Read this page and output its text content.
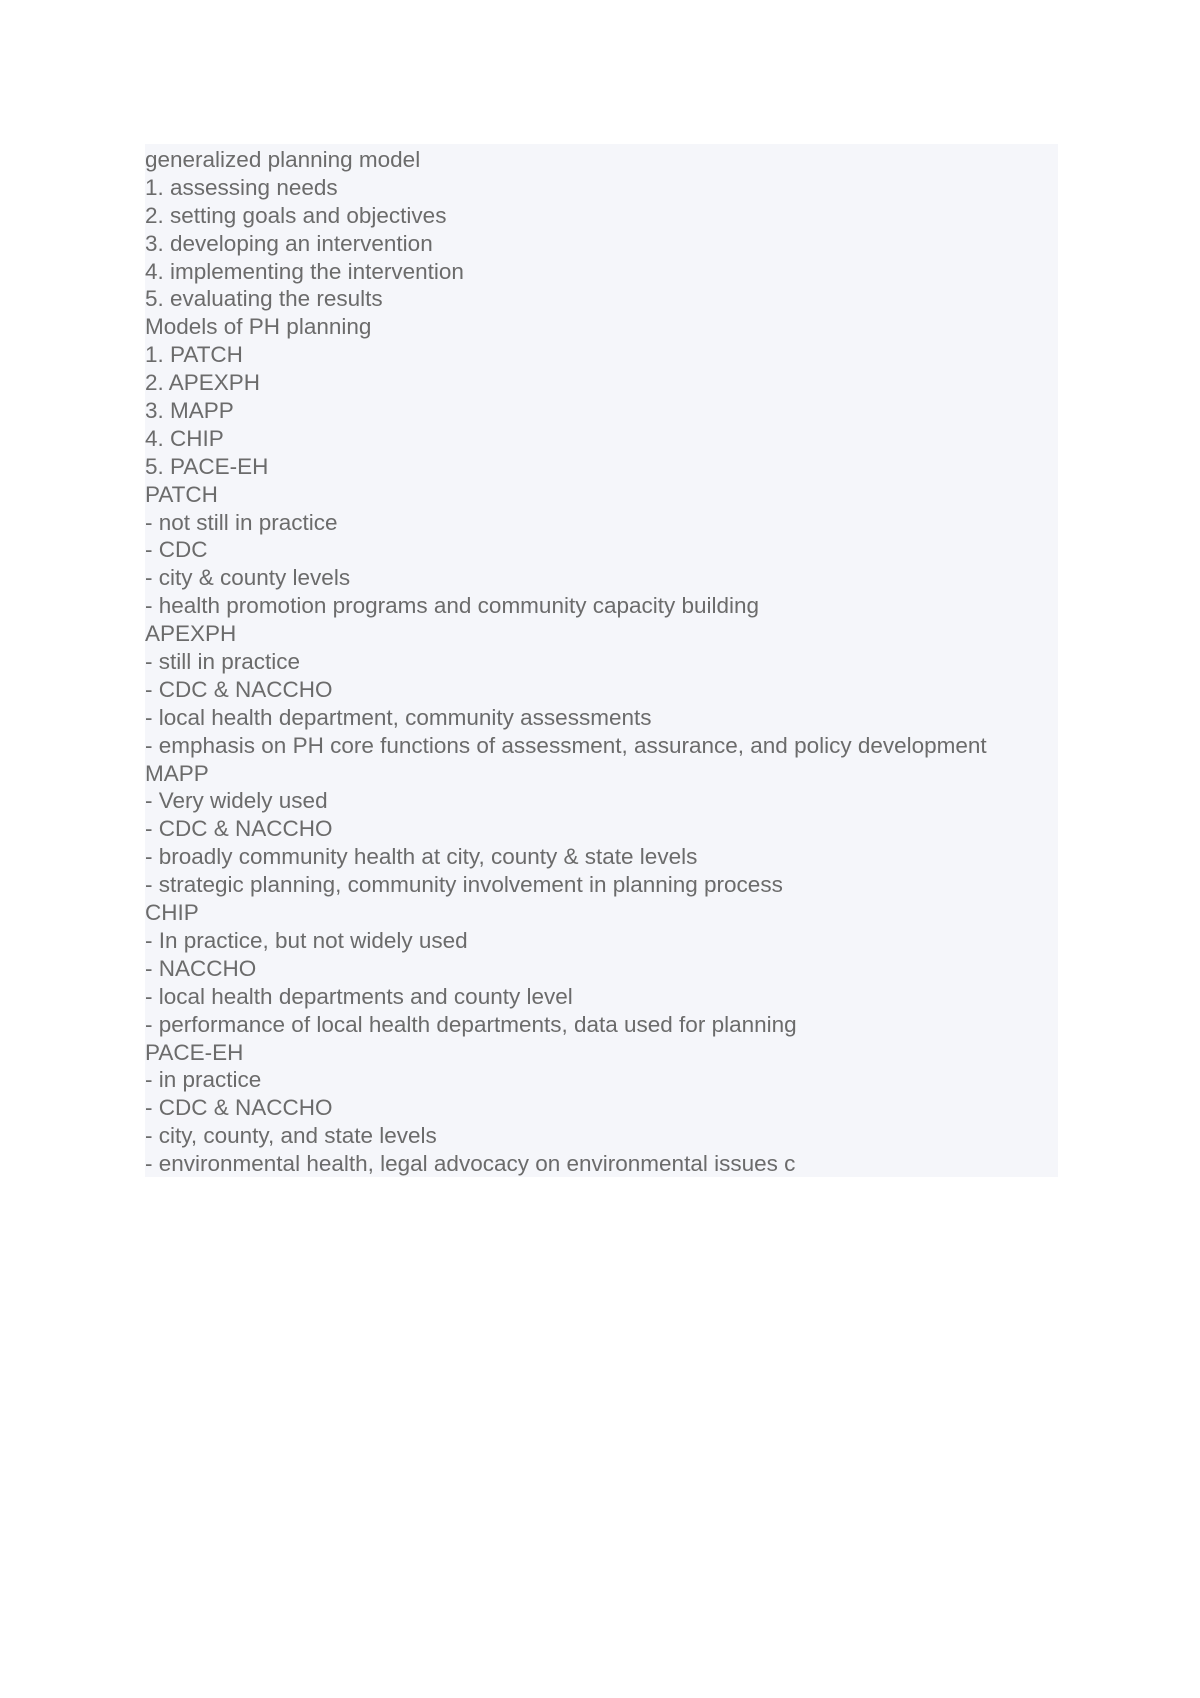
generalized planning model
1. assessing needs
2. setting goals and objectives
3. developing an intervention
4. implementing the intervention
5. evaluating the results
Models of PH planning
1. PATCH
2. APEXPH
3. MAPP
4. CHIP
5. PACE-EH
PATCH
- not still in practice
- CDC
- city & county levels
- health promotion programs and community capacity building
APEXPH
- still in practice
- CDC & NACCHO
- local health department, community assessments
- emphasis on PH core functions of assessment, assurance, and policy development
MAPP
- Very widely used
- CDC & NACCHO
- broadly community health at city, county & state levels
- strategic planning, community involvement in planning process
CHIP
- In practice, but not widely used
- NACCHO
- local health departments and county level
- performance of local health departments, data used for planning
PACE-EH
- in practice
- CDC & NACCHO
- city, county, and state levels
- environmental health, legal advocacy on environmental issues c
